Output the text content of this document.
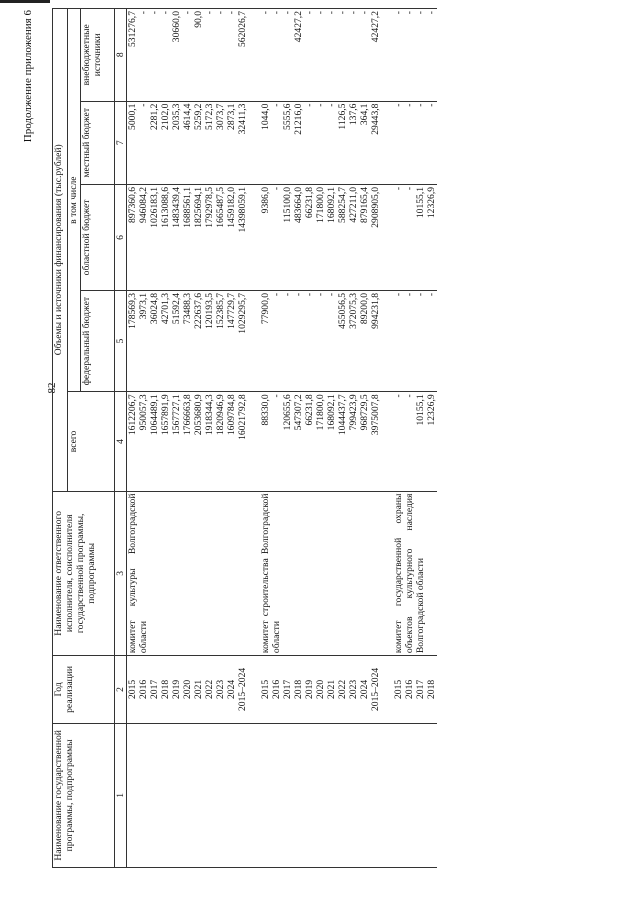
82
Продолжение приложения 6
Наименование государственной программы, подпрограммы	Год реализации	Наименование ответственного исполнителя, соисполнителя государственной программы, подпрограммы	Объемы и источники финансирования (тыс.рублей)				
			всего	в том числе			
				федеральный бюджет	областной бюджет	местный бюджет	внебюджетные источники
1	2	3	4	5	6	7	8
	2015	комитет культуры Волгоградской области	1612206,7	178569,3	897360,6	5000,1	531276,7
	2016		950057,3	3973,1	946084,2	-	-
	2017		1064489,1	36024,8	1026183,1	2281,2	-
	2018		1657891,9	42701,3	1613088,6	2102,0	-
	2019		1567727,1	51592,4	1483439,4	2035,3	30660,0
	2020		1766663,8	73488,3	1688561,1	4614,4	-
	2021		2053680,9	222637,6	1825694,1	5259,2	90,0
	2022		1918344,3	120193,5	1792978,5	5172,3	-
	2023		1820946,9	152385,7	1665487,5	3073,7	-
	2024		1609784,8	147729,7	1459182,0	2873,1	-
	2015–2024		16021792,8	1029295,7	14398059,1	32411,3	562026,7
	2015	комитет строительства Волгоградской области	88330,0	77900,0	9386,0	1044,0	-
	2016		-	-	-	-	-
	2017		120655,6	-	115100,0	5555,6	-
	2018		547307,2	-	483664,0	21216,0	42427,2
	2019		66231,8	-	66231,8	-	-
	2020		171800,0	-	171800,0	-	-
	2021		168092,1	-	168092,1	-	-
	2022		1044437,7	455056,5	588254,7	1126,5	-
	2023		799423,9	372075,3	427211,0	137,6	-
	2024		968729,5	89200,0	879165,4	364,1	-
	2015–2024		3975007,8	994231,8	2908905,0	29443,8	42427,2
	2015	комитет государственной охраны объектов культурного наследия Волгоградской области	-	-	-	-	-
	2016		-	-	-	-	-
	2017		10155,1	-	10155,1	-	-
	2018		12326,9	-	12326,9	-	-
